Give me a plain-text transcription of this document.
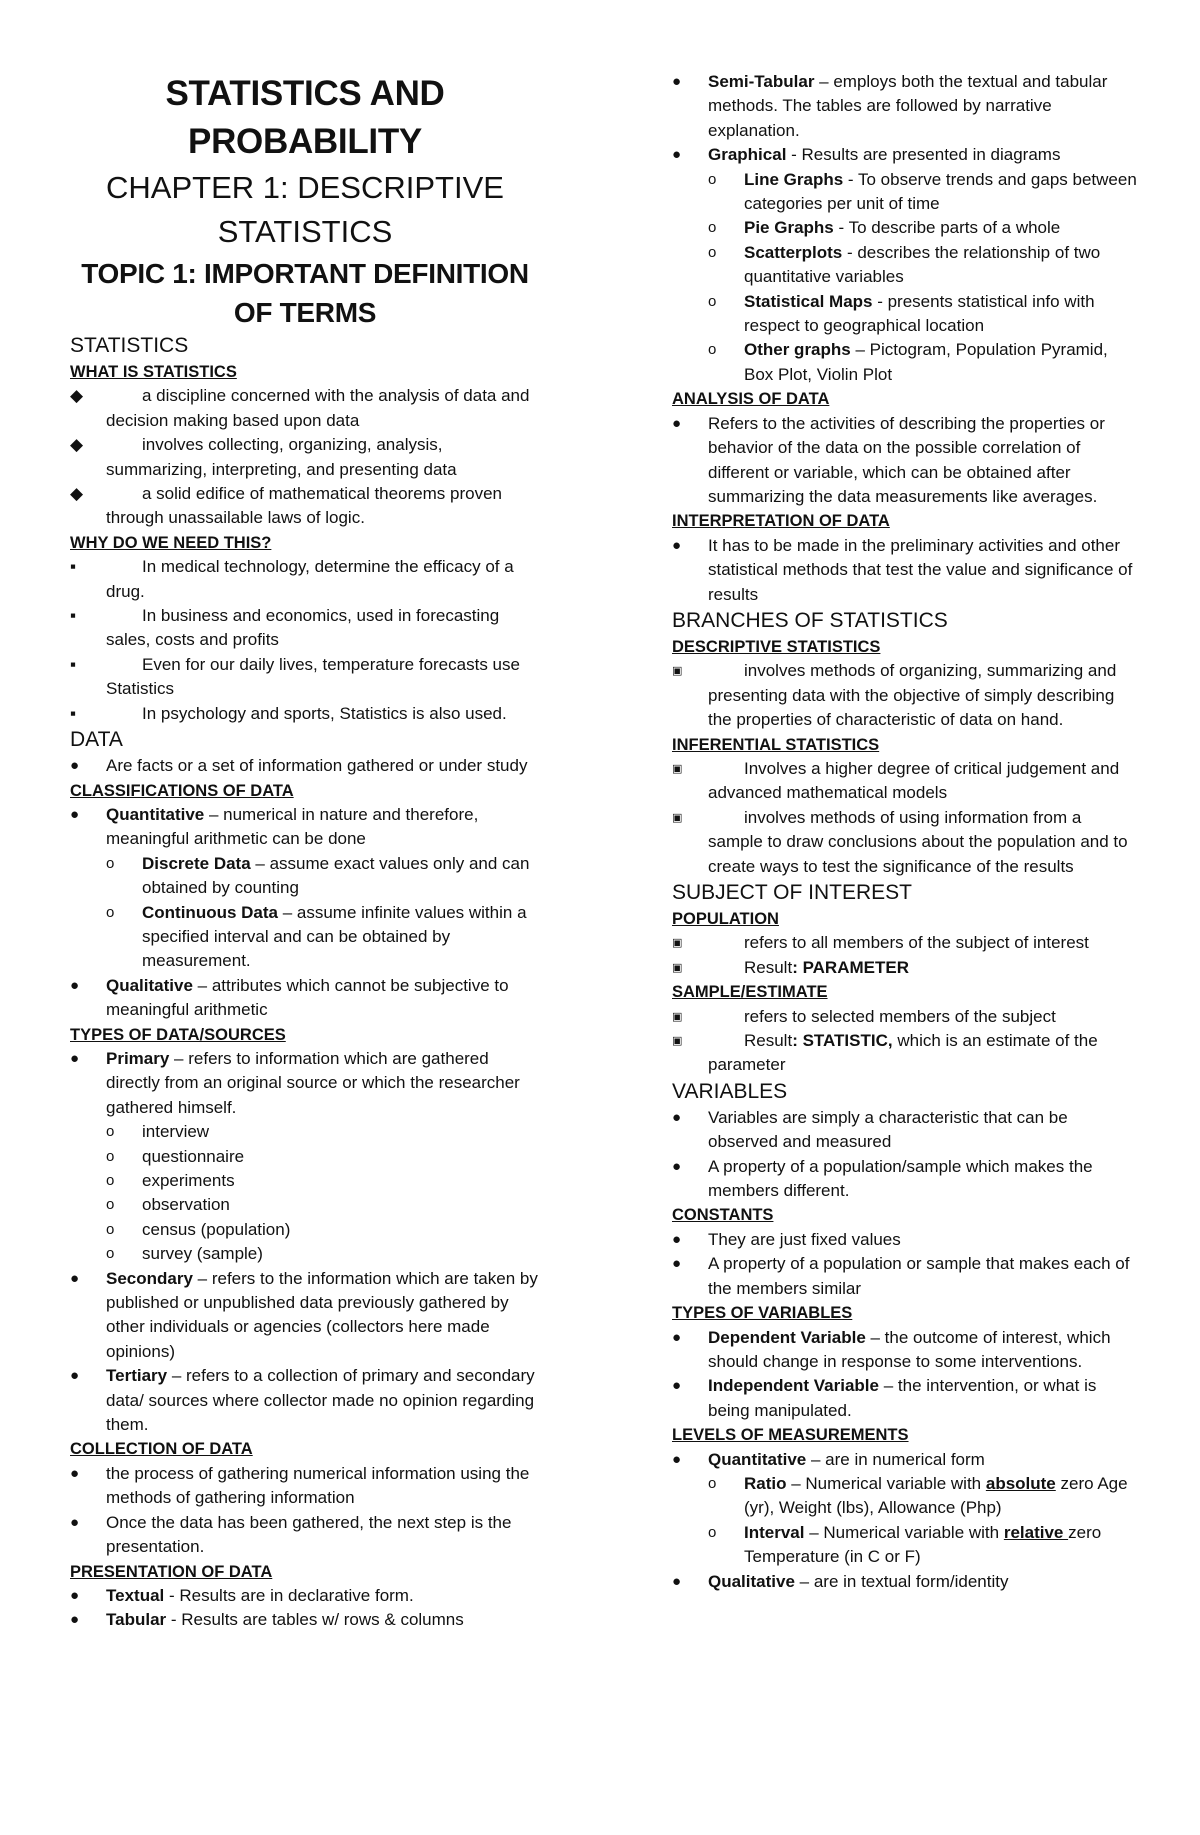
STATISTICS AND PROBABILITY
CHAPTER 1: DESCRIPTIVE STATISTICS
TOPIC 1: IMPORTANT DEFINITION OF TERMS
STATISTICS
WHAT IS STATISTICS
◆	a discipline concerned with the analysis of data and decision making based upon data
◆	involves collecting, organizing, analysis, summarizing, interpreting, and presenting data
◆	a solid edifice of mathematical theorems proven through unassailable laws of logic.
WHY DO WE NEED THIS?
▪	In medical technology, determine the efficacy of a drug.
▪	In business and economics, used in forecasting sales, costs and profits
▪	Even for our daily lives, temperature forecasts use Statistics
▪	In psychology and sports, Statistics is also used.
DATA
●	Are facts or a set of information gathered or under study
CLASSIFICATIONS OF DATA
●	Quantitative – numerical in nature and therefore, meaningful arithmetic can be done
o	Discrete Data – assume exact values only and can obtained by counting
o	Continuous Data – assume infinite values within a specified interval and can be obtained by measurement.
●	Qualitative – attributes which cannot be subjective to meaningful arithmetic
TYPES OF DATA/SOURCES
●	Primary – refers to information which are gathered directly from an original source or which the researcher gathered himself.
o	interview
o	questionnaire
o	experiments
o	observation
o	census (population)
o	survey (sample)
●	Secondary – refers to the information which are taken by published or unpublished data previously gathered by other individuals or agencies (collectors here made opinions)
●	Tertiary – refers to a collection of primary and secondary data/ sources where collector made no opinion regarding them.
COLLECTION OF DATA
●	the process of gathering numerical information using the methods of gathering information
●	Once the data has been gathered, the next step is the presentation.
PRESENTATION OF DATA
●	Textual - Results are in declarative form.
●	Tabular - Results are tables w/ rows & columns
●	Semi-Tabular – employs both the textual and tabular methods. The tables are followed by narrative explanation.
●	Graphical - Results are presented in diagrams
o	Line Graphs - To observe trends and gaps between categories per unit of time
o	Pie Graphs - To describe parts of a whole
o	Scatterplots - describes the relationship of two quantitative variables
o	Statistical Maps - presents statistical info with respect to geographical location
o	Other graphs – Pictogram, Population Pyramid, Box Plot, Violin Plot
ANALYSIS OF DATA
●	Refers to the activities of describing the properties or behavior of the data on the possible correlation of different or variable, which can be obtained after summarizing the data measurements like averages.
INTERPRETATION OF DATA
●	It has to be made in the preliminary activities and other statistical methods that test the value and significance of results
BRANCHES OF STATISTICS
DESCRIPTIVE STATISTICS
▣	involves methods of organizing, summarizing and presenting data with the objective of simply describing the properties of characteristic of data on hand.
INFERENTIAL STATISTICS
▣	Involves a higher degree of critical judgement and advanced mathematical models
▣	involves methods of using information from a sample to draw conclusions about the population and to create ways to test the significance of the results
SUBJECT OF INTEREST
POPULATION
▣	refers to all members of the subject of interest
▣	Result: PARAMETER
SAMPLE/ESTIMATE
▣	refers to selected members of the subject
▣	Result: STATISTIC, which is an estimate of the parameter
VARIABLES
●	Variables are simply a characteristic that can be observed and measured
●	A property of a population/sample which makes the members different.
CONSTANTS
●	They are just fixed values
●	A property of a population or sample that makes each of the members similar
TYPES OF VARIABLES
●	Dependent Variable – the outcome of interest, which should change in response to some interventions.
●	Independent Variable – the intervention, or what is being manipulated.
LEVELS OF MEASUREMENTS
●	Quantitative – are in numerical form
o	Ratio – Numerical variable with absolute zero Age (yr), Weight (lbs), Allowance (Php)
o	Interval – Numerical variable with relative zero Temperature (in C or F)
●	Qualitative – are in textual form/identity
